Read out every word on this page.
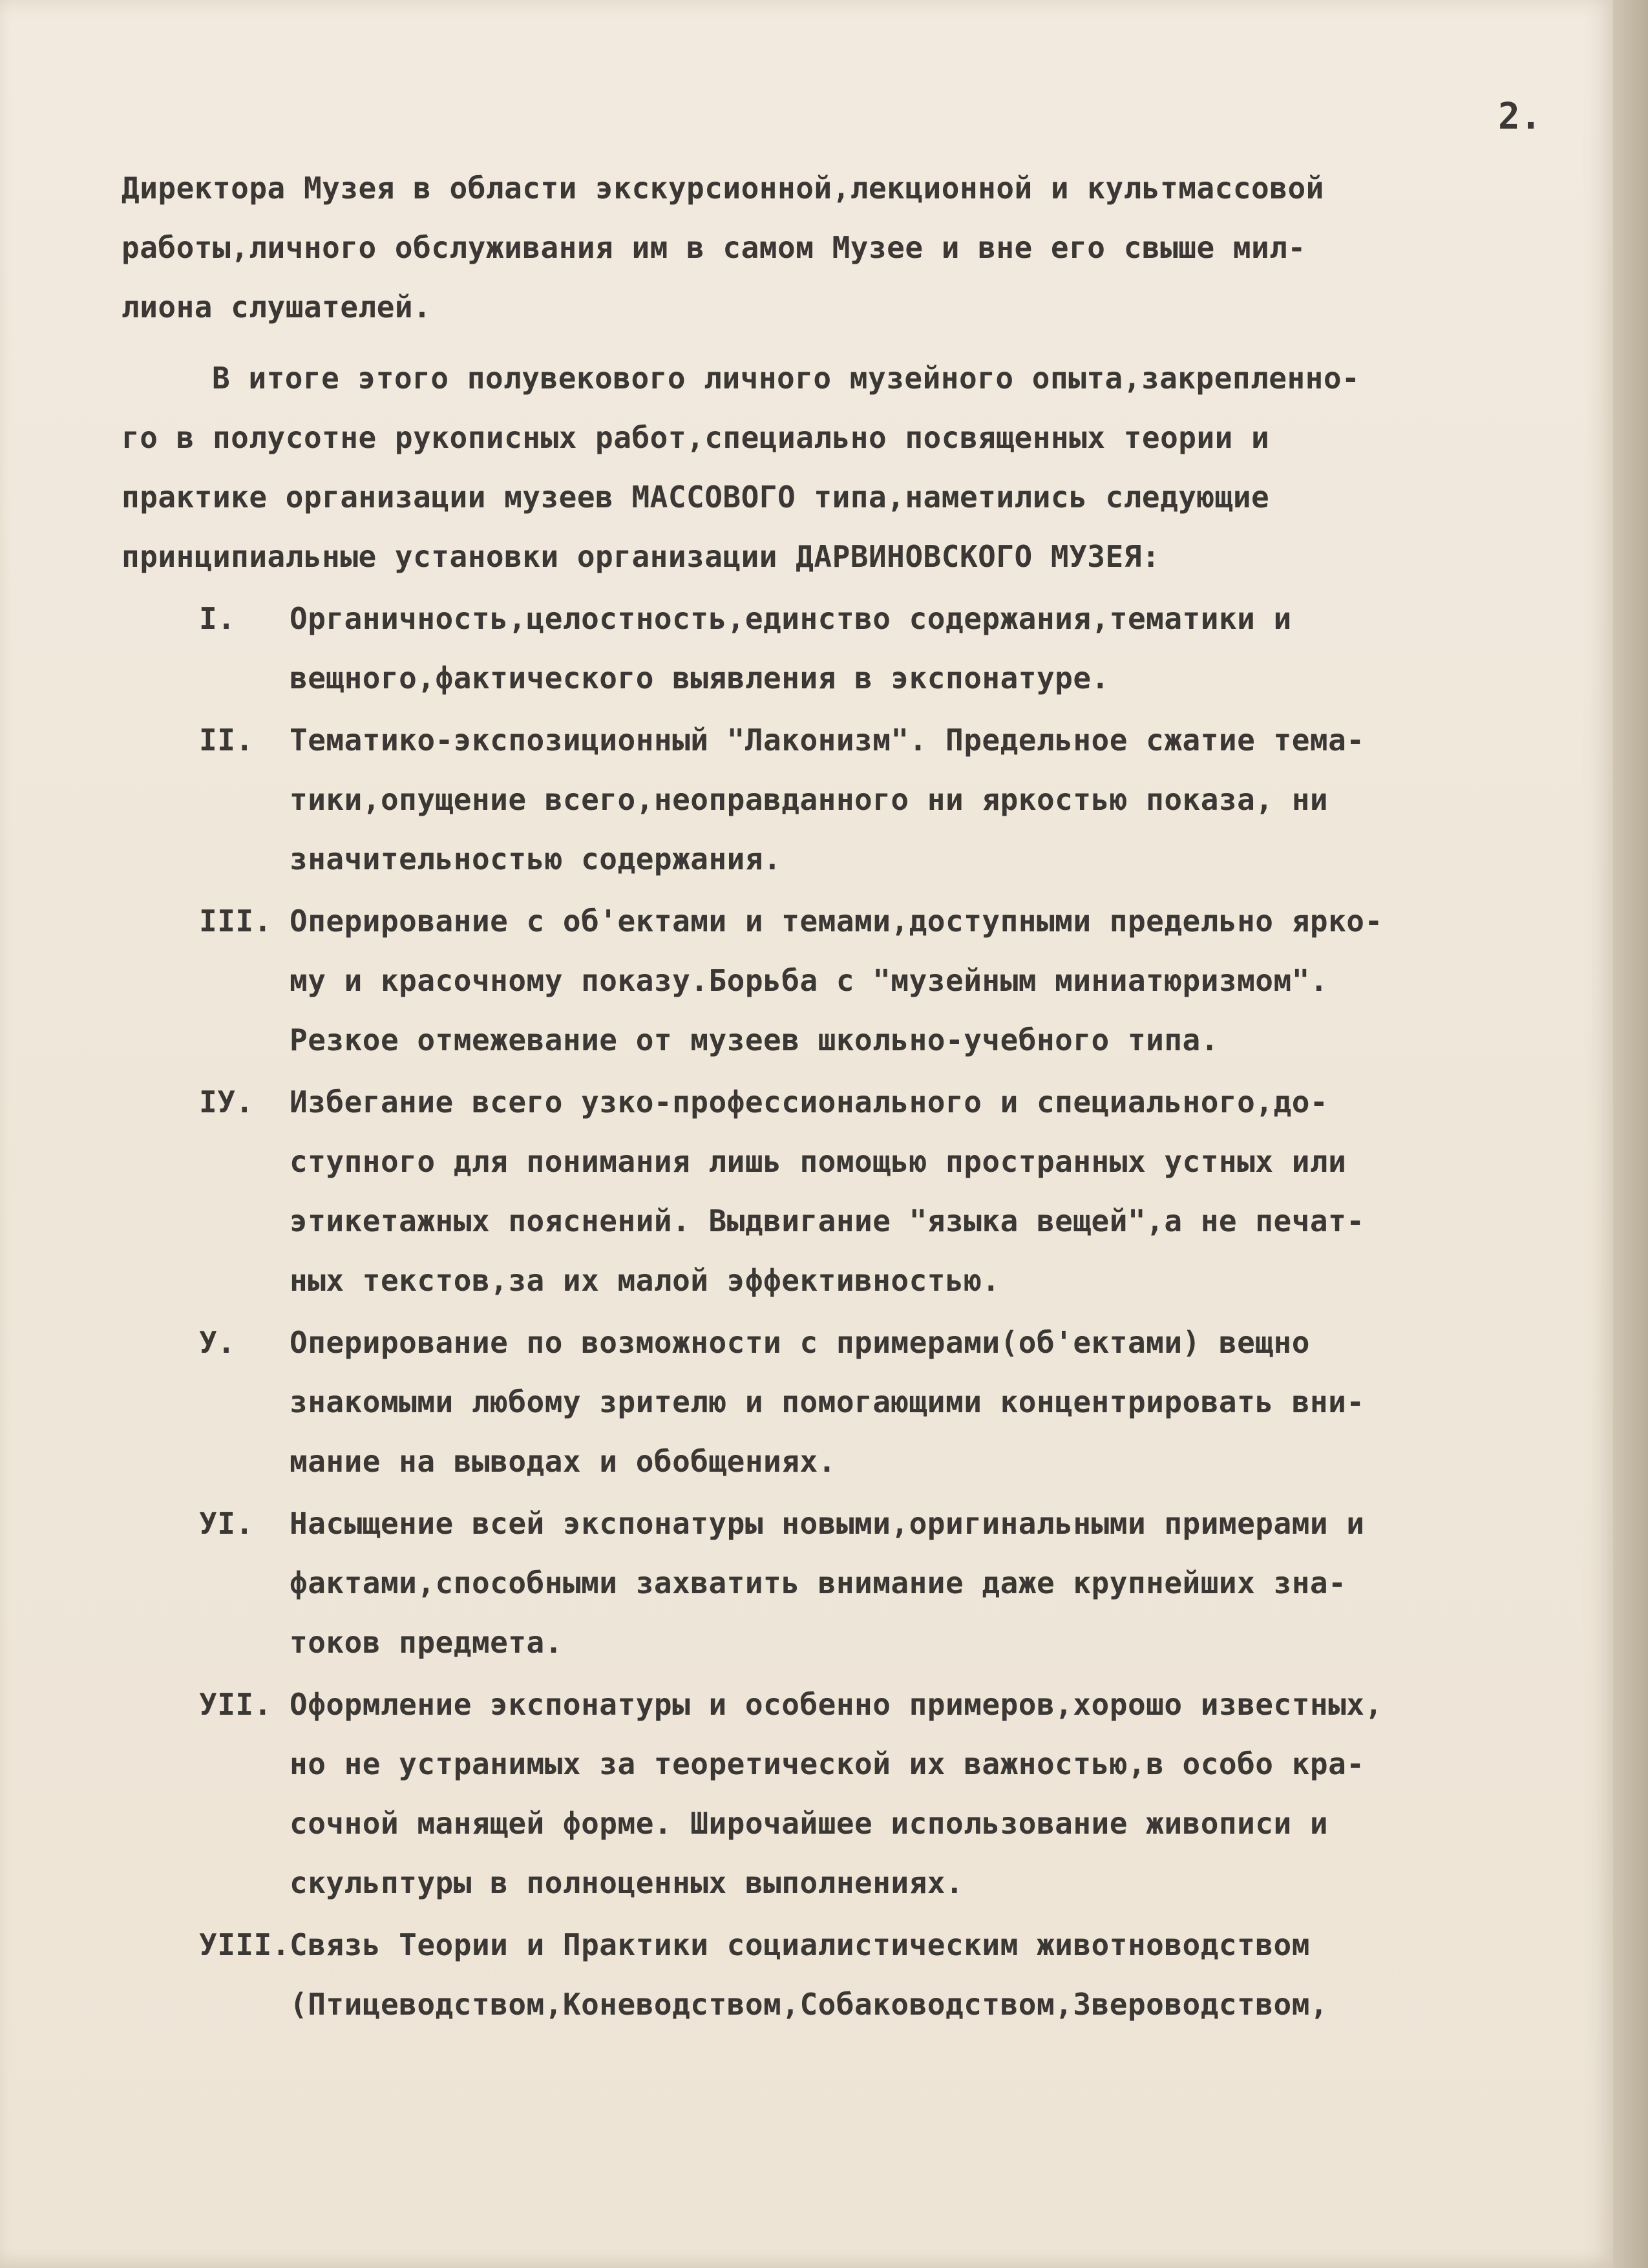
2.
Директора Музея в области экскурсионной,лекционной и культмассовой
работы,личного обслуживания им в самом Музее и вне его свыше мил-
лиона слушателей.
В итоге этого полувекового личного музейного опыта,закрепленно-
го в полусотне рукописных работ,специально посвященных теории и
практике организации музеев МАССОВОГО типа,наметились следующие
принципиальные установки организации ДАРВИНОВСКОГО МУЗЕЯ:
I.	Органичность,целостность,единство содержания,тематики и
вещного,фактического выявления в экспонатуре.
II.	Тематико-экспозиционный "Лаконизм". Предельное сжатие тема-
тики,опущение всего,неоправданного ни яркостью показа, ни
значительностью содержания.
III. Оперирование с об'ектами и темами,доступными предельно ярко-
му и красочному показу.Борьба с "музейным миниатюризмом".
Резкое отмежевание от музеев школьно-учебного типа.
IУ.	Избегание всего узко-профессионального и специального,до-
ступного для понимания лишь помощью пространных устных или
этикетажных пояснений. Выдвигание "языка вещей",а не печат-
ных текстов,за их малой эффективностью.
У.	Оперирование по возможности с примерами(об'ектами) вещно
знакомыми любому зрителю и помогающими концентрировать вни-
мание на выводах и обобщениях.
УI.	Насыщение всей экспонатуры новыми,оригинальными примерами и
фактами,способными захватить внимание даже крупнейших зна-
токов предмета.
УII. Оформление экспонатуры и особенно примеров,хорошо известных,
но не устранимых за теоретической их важностью,в особо кра-
сочной манящей форме. Широчайшее использование живописи и
скульптуры в полноценных выполнениях.
УIII. Связь Теории и Практики социалистическим животноводством
(Птицеводством,Коневодством,Собаководством,Звероводством,
